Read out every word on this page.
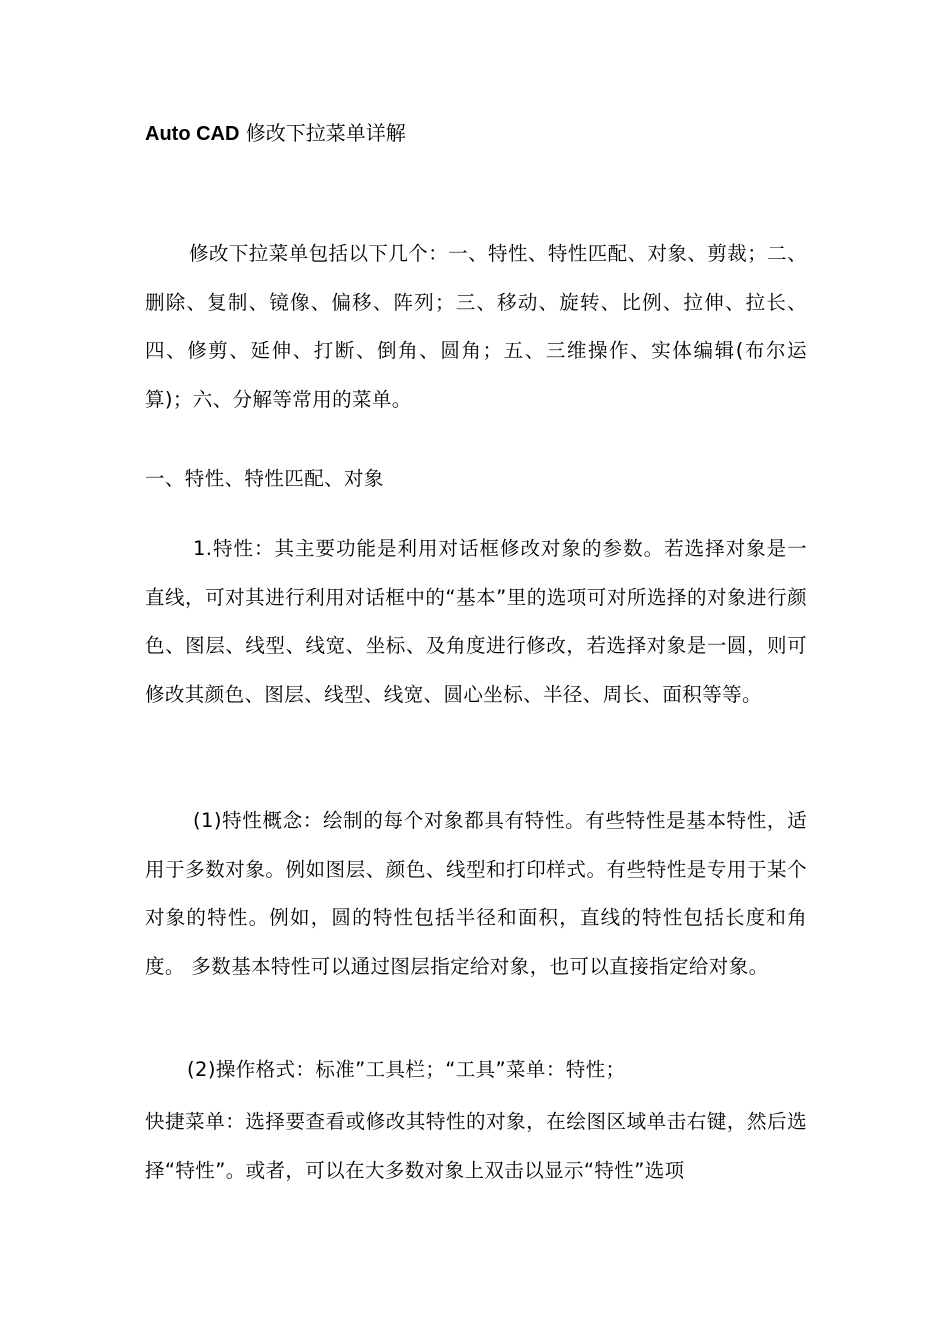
Auto CAD 修改下拉菜单详解

修改下拉菜单包括以下几个：一、特性、特性匹配、对象、剪裁；二、删除、复制、镜像、偏移、阵列；三、移动、旋转、比例、拉伸、拉长、四、修剪、延伸、打断、倒角、圆角；五、三维操作、实体编辑(布尔运算)；六、分解等常用的菜单。

一、特性、特性匹配、对象

1.特性：其主要功能是利用对话框修改对象的参数。若选择对象是一直线，可对其进行利用对话框中的“基本”里的选项可对所选择的对象进行颜色、图层、线型、线宽、坐标、及角度进行修改，若选择对象是一圆，则可修改其颜色、图层、线型、线宽、圆心坐标、半径、周长、面积等等。

(1)特性概念：绘制的每个对象都具有特性。有些特性是基本特性，适用于多数对象。例如图层、颜色、线型和打印样式。有些特性是专用于某个对象的特性。例如，圆的特性包括半径和面积，直线的特性包括长度和角度。 多数基本特性可以通过图层指定给对象，也可以直接指定给对象。

(2)操作格式：标准”工具栏；“工具”菜单：特性；

快捷菜单：选择要查看或修改其特性的对象，在绘图区域单击右键，然后选择“特性”。或者，可以在大多数对象上双击以显示“特性”选项
